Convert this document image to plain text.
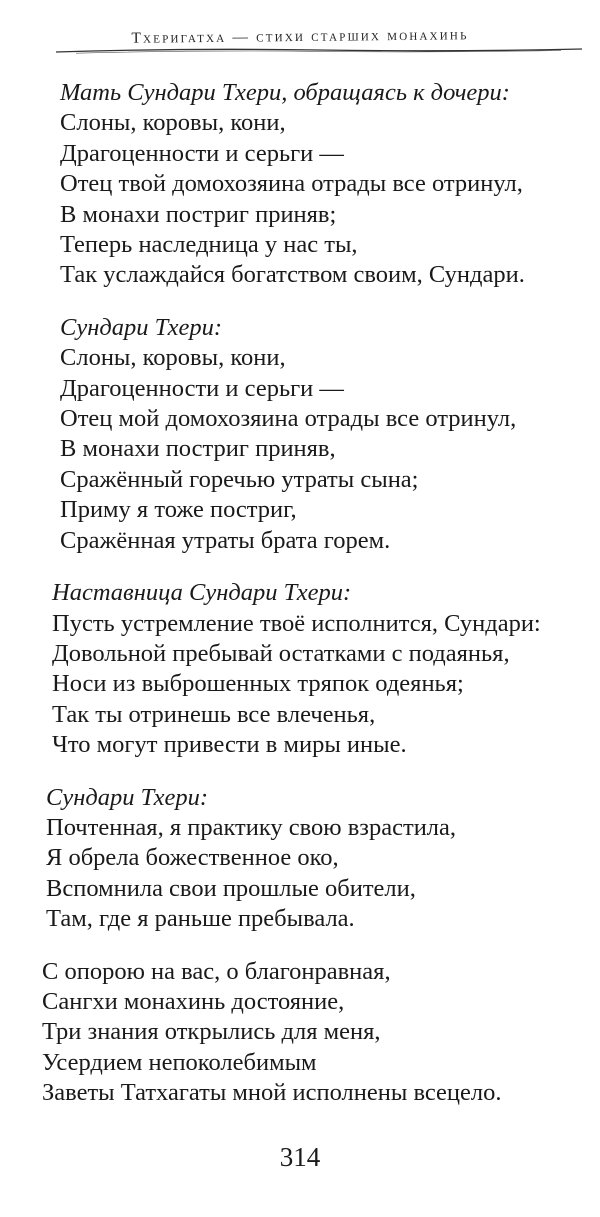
Тхеригатха — стихи старших монахинь
Мать Сундари Тхери, обращаясь к дочери:
Слоны, коровы, кони,
Драгоценности и серьги —
Отец твой домохозяина отрады все отринул,
В монахи постриг приняв;
Теперь наследница у нас ты,
Так услаждайся богатством своим, Сундари.
Сундари Тхери:
Слоны, коровы, кони,
Драгоценности и серьги —
Отец мой домохозяина отрады все отринул,
В монахи постриг приняв,
Сражённый горечью утраты сына;
Приму я тоже постриг,
Сражённая утраты брата горем.
Наставница Сундари Тхери:
Пусть устремление твоё исполнится, Сундари:
Довольной пребывай остатками с подаянья,
Носи из выброшенных тряпок одеянья;
Так ты отринешь все влеченья,
Что могут привести в миры иные.
Сундари Тхери:
Почтенная, я практику свою взрастила,
Я обрела божественное око,
Вспомнила свои прошлые обители,
Там, где я раньше пребывала.
С опорою на вас, о благонравная,
Сангхи монахинь достояние,
Три знания открылись для меня,
Усердием непоколебимым
Заветы Татхагаты мной исполнены всецело.
314
